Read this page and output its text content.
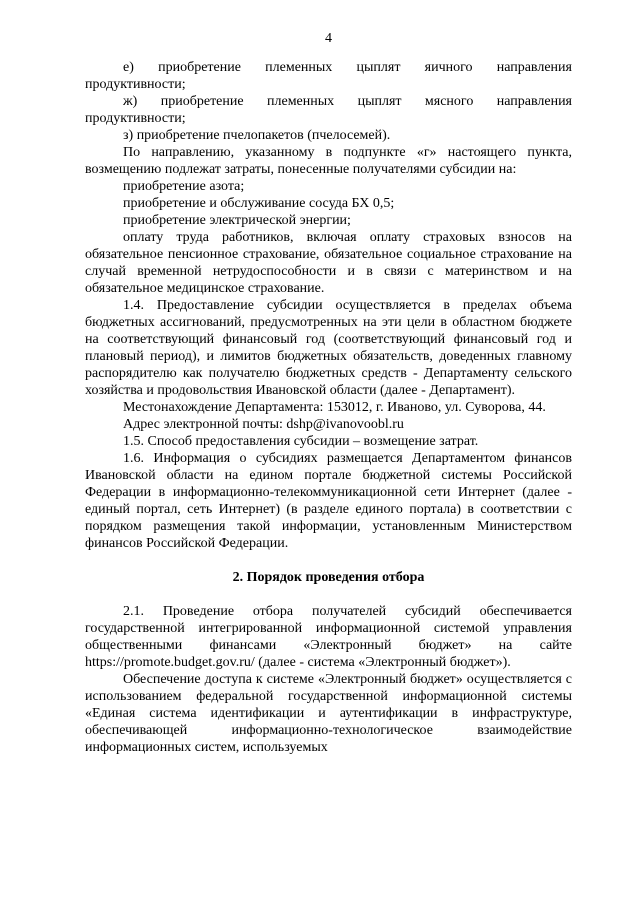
4

е) приобретение племенных цыплят яичного направления продуктивности;

ж) приобретение племенных цыплят мясного направления продуктивности;

з) приобретение пчелопакетов (пчелосемей).

По направлению, указанному в подпункте «г» настоящего пункта, возмещению подлежат затраты, понесенные получателями субсидии на:

приобретение азота;

приобретение и обслуживание сосуда БХ 0,5;

приобретение электрической энергии;

оплату труда работников, включая оплату страховых взносов на обязательное пенсионное страхование, обязательное социальное страхование на случай временной нетрудоспособности и в связи с материнством и на обязательное медицинское страхование.

1.4. Предоставление субсидии осуществляется в пределах объема бюджетных ассигнований, предусмотренных на эти цели в областном бюджете на соответствующий финансовый год (соответствующий финансовый год и плановый период), и лимитов бюджетных обязательств, доведенных главному распорядителю как получателю бюджетных средств - Департаменту сельского хозяйства и продовольствия Ивановской области (далее - Департамент).

Местонахождение Департамента: 153012, г. Иваново, ул. Суворова, 44.

Адрес электронной почты: dshp@ivanovoobl.ru

1.5. Способ предоставления субсидии – возмещение затрат.

1.6. Информация о субсидиях размещается Департаментом финансов Ивановской области на едином портале бюджетной системы Российской Федерации в информационно-телекоммуникационной сети Интернет (далее - единый портал, сеть Интернет) (в разделе единого портала) в соответствии с порядком размещения такой информации, установленным Министерством финансов Российской Федерации.

2. Порядок проведения отбора

2.1. Проведение отбора получателей субсидий обеспечивается государственной интегрированной информационной системой управления общественными финансами «Электронный бюджет» на сайте https://promote.budget.gov.ru/ (далее - система «Электронный бюджет»).

Обеспечение доступа к системе «Электронный бюджет» осуществляется с использованием федеральной государственной информационной системы «Единая система идентификации и аутентификации в инфраструктуре, обеспечивающей информационно-технологическое взаимодействие информационных систем, используемых
